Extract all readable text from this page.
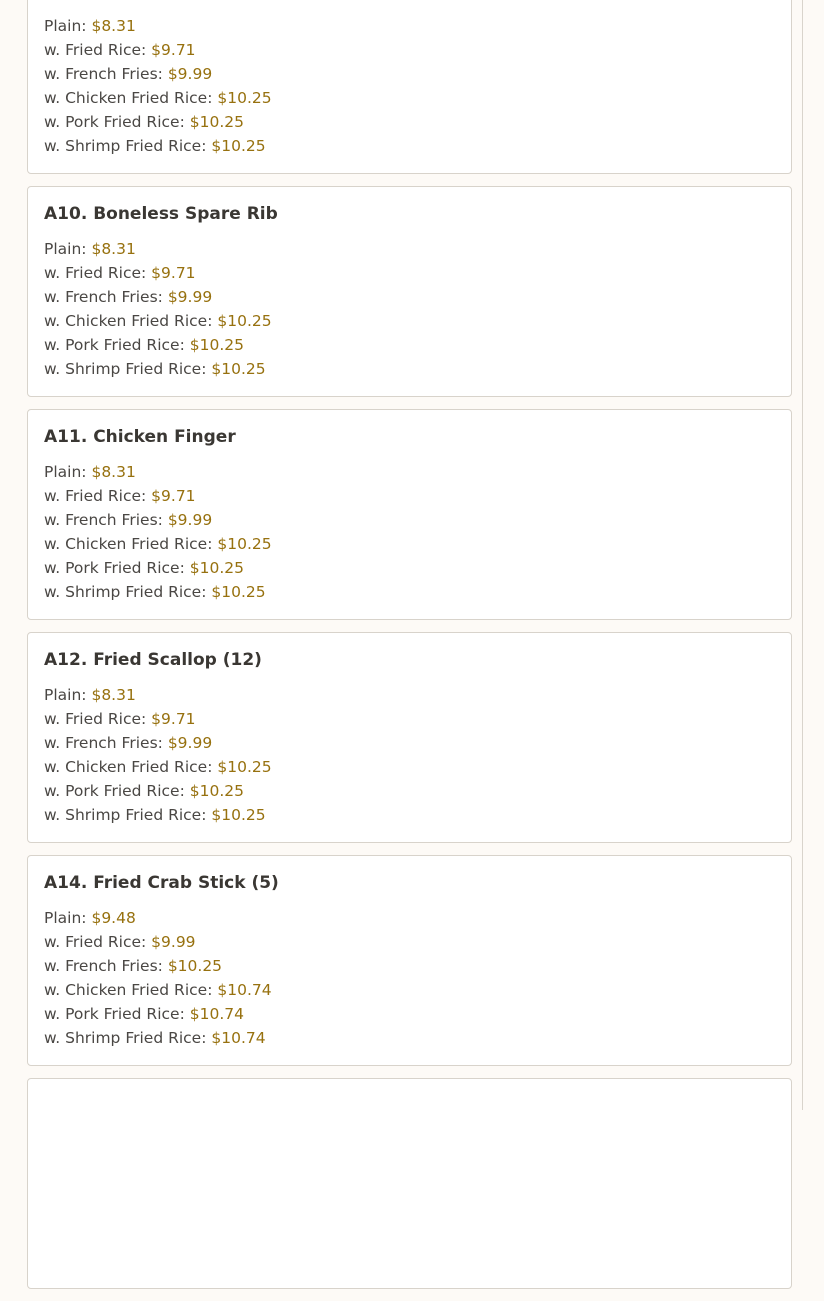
Plain: $8.31
w. Fried Rice: $9.71
w. French Fries: $9.99
w. Chicken Fried Rice: $10.25
w. Pork Fried Rice: $10.25
w. Shrimp Fried Rice: $10.25
A10. Boneless Spare Rib
Plain: $8.31
w. Fried Rice: $9.71
w. French Fries: $9.99
w. Chicken Fried Rice: $10.25
w. Pork Fried Rice: $10.25
w. Shrimp Fried Rice: $10.25
A11. Chicken Finger
Plain: $8.31
w. Fried Rice: $9.71
w. French Fries: $9.99
w. Chicken Fried Rice: $10.25
w. Pork Fried Rice: $10.25
w. Shrimp Fried Rice: $10.25
A12. Fried Scallop (12)
Plain: $8.31
w. Fried Rice: $9.71
w. French Fries: $9.99
w. Chicken Fried Rice: $10.25
w. Pork Fried Rice: $10.25
w. Shrimp Fried Rice: $10.25
A14. Fried Crab Stick (5)
Plain: $9.48
w. Fried Rice: $9.99
w. French Fries: $10.25
w. Chicken Fried Rice: $10.74
w. Pork Fried Rice: $10.74
w. Shrimp Fried Rice: $10.74
